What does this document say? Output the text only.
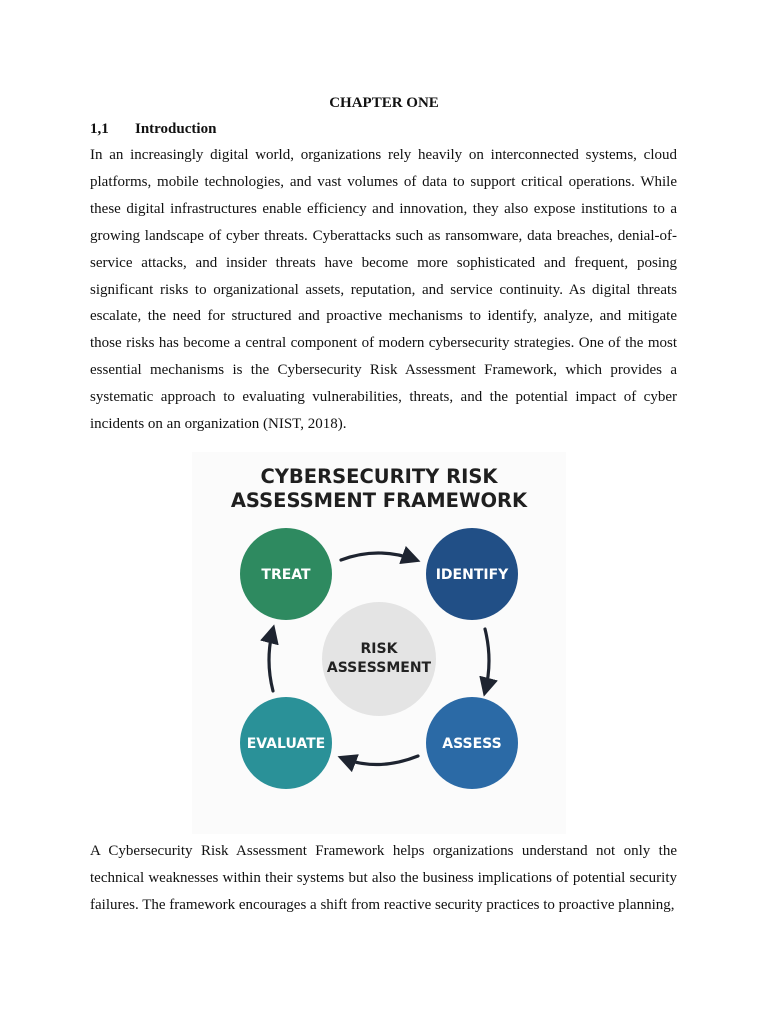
CHAPTER ONE
1,1	Introduction

In an increasingly digital world, organizations rely heavily on interconnected systems, cloud platforms, mobile technologies, and vast volumes of data to support critical operations. While these digital infrastructures enable efficiency and innovation, they also expose institutions to a growing landscape of cyber threats. Cyberattacks such as ransomware, data breaches, denial-of-service attacks, and insider threats have become more sophisticated and frequent, posing significant risks to organizational assets, reputation, and service continuity. As digital threats escalate, the need for structured and proactive mechanisms to identify, analyze, and mitigate those risks has become a central component of modern cybersecurity strategies. One of the most essential mechanisms is the Cybersecurity Risk Assessment Framework, which provides a systematic approach to evaluating vulnerabilities, threats, and the potential impact of cyber incidents on an organization (NIST, 2018).

CYBERSECURITY RISK
ASSESSMENT FRAMEWORK
RISK
ASSESSMENT
TREAT	IDENTIFY
ASSESS
EVALUATE

A Cybersecurity Risk Assessment Framework helps organizations understand not only the technical weaknesses within their systems but also the business implications of potential security failures. The framework encourages a shift from reactive security practices to proactive planning,
